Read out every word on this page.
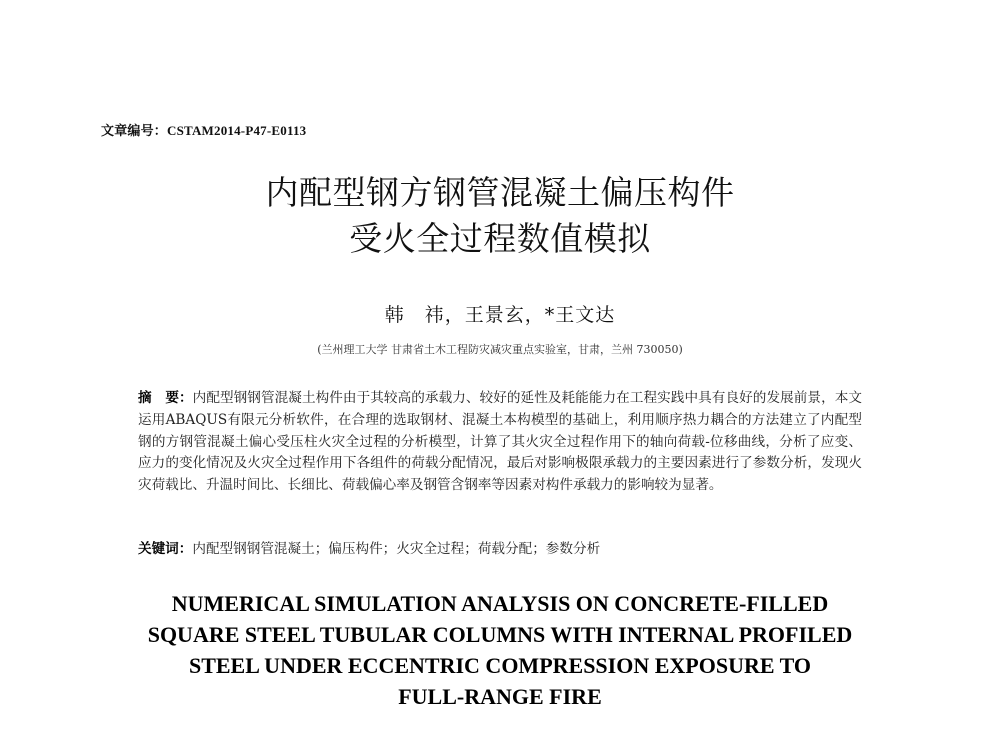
文章编号：CSTAM2014-P47-E0113
内配型钢方钢管混凝土偏压构件
受火全过程数值模拟
韩　祎，王景玄，*王文达
(兰州理工大学 甘肃省土木工程防灾减灾重点实验室，甘肃，兰州 730050)
摘　要：内配型钢钢管混凝土构件由于其较高的承载力、较好的延性及耗能能力在工程实践中具有良好的发展前景，本文运用ABAQUS有限元分析软件，在合理的选取钢材、混凝土本构模型的基础上，利用顺序热力耦合的方法建立了内配型钢的方钢管混凝土偏心受压柱火灾全过程的分析模型，计算了其火灾全过程作用下的轴向荷载-位移曲线，分析了应变、应力的变化情况及火灾全过程作用下各组件的荷载分配情况，最后对影响极限承载力的主要因素进行了参数分析，发现火灾荷载比、升温时间比、长细比、荷载偏心率及钢管含钢率等因素对构件承载力的影响较为显著。
关键词：内配型钢钢管混凝土；偏压构件；火灾全过程；荷载分配；参数分析
NUMERICAL SIMULATION ANALYSIS ON CONCRETE-FILLED
SQUARE STEEL TUBULAR COLUMNS WITH INTERNAL PROFILED
STEEL UNDER ECCENTRIC COMPRESSION EXPOSURE TO
FULL-RANGE FIRE
